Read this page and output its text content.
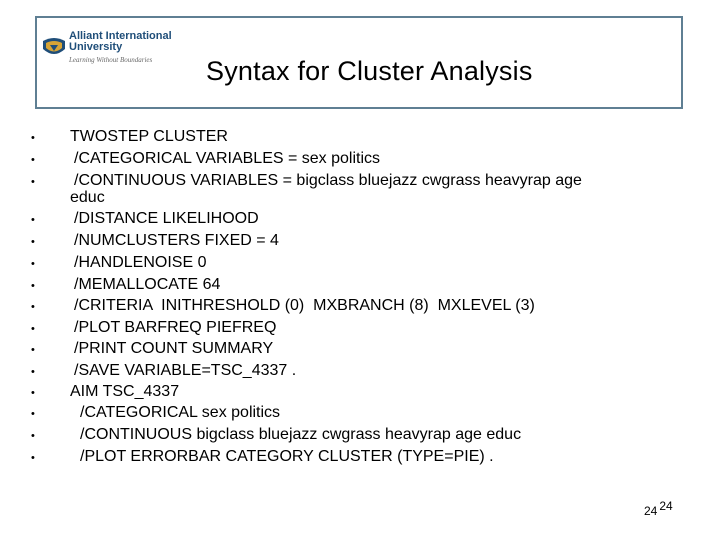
Alliant International University
Learning Without Boundaries Syntax for Cluster Analysis
• TWOSTEP CLUSTER
• /CATEGORICAL VARIABLES = sex politics
• /CONTINUOUS VARIABLES = bigclass bluejazz cwgrass heavyrap age
educ
• /DISTANCE LIKELIHOOD
• /NUMCLUSTERS FIXED = 4
• /HANDLENOISE 0
• /MEMALLOCATE 64
• /CRITERIA  INITHRESHOLD (0)  MXBRANCH (8)  MXLEVEL (3)
• /PLOT BARFREQ PIEFREQ
• /PRINT COUNT SUMMARY
• /SAVE VARIABLE=TSC_4337 .
• AIM TSC_4337
•	/CATEGORICAL sex politics
•	/CONTINUOUS bigclass bluejazz cwgrass heavyrap age educ
•	/PLOT ERRORBAR CATEGORY CLUSTER (TYPE=PIE) .
24 24
